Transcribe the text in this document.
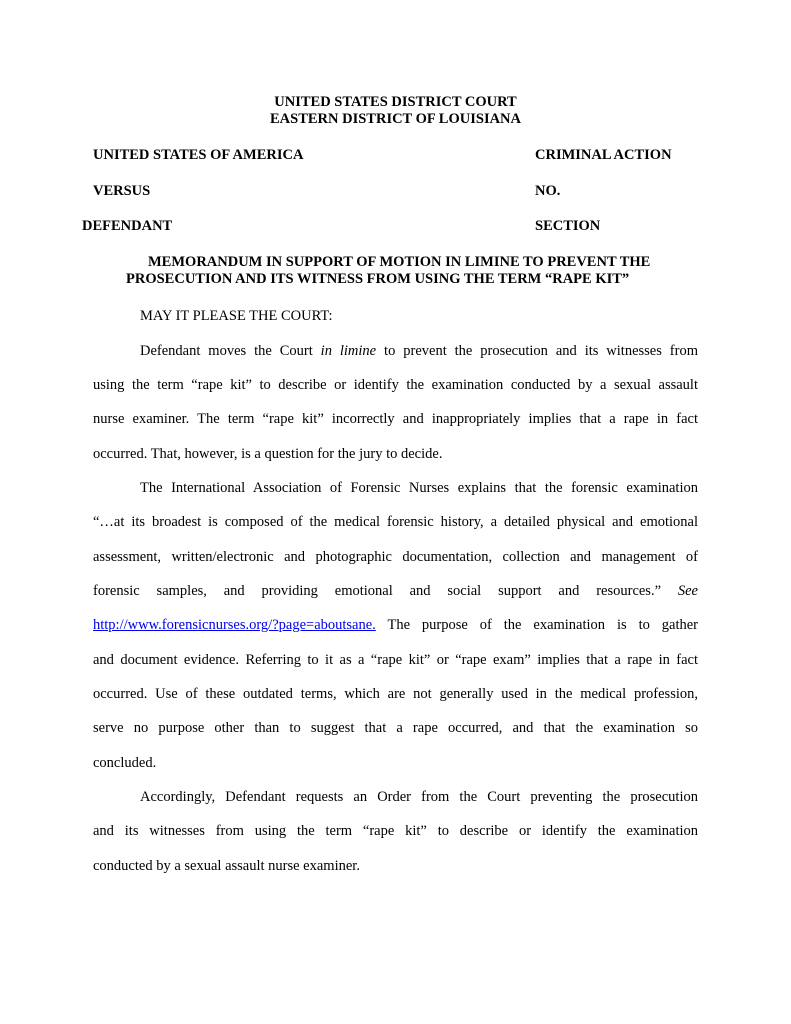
UNITED STATES DISTRICT COURT

EASTERN DISTRICT OF LOUISIANA

UNITED STATES OF AMERICA	CRIMINAL ACTION

VERSUS	NO.

DEFENDANT	SECTION

MEMORANDUM IN SUPPORT OF MOTION IN LIMINE TO PREVENT THE

PROSECUTION AND ITS WITNESS FROM USING THE TERM “RAPE KIT”

MAY IT PLEASE THE COURT:

Defendant moves the Court in limine to prevent the prosecution and its witnesses from

using the term “rape kit” to describe or identify the examination conducted by a sexual assault

nurse examiner. The term “rape kit” incorrectly and inappropriately implies that a rape in fact

occurred. That, however, is a question for the jury to decide.

The International Association of Forensic Nurses explains that the forensic examination

“…at its broadest is composed of the medical forensic history, a detailed physical and emotional

assessment, written/electronic and photographic documentation, collection and management of

forensic samples, and providing emotional and social support and resources.” See

http://www.forensicnurses.org/?page=aboutsane. The purpose of the examination is to gather

and document evidence. Referring to it as a “rape kit” or “rape exam” implies that a rape in fact

occurred. Use of these outdated terms, which are not generally used in the medical profession,

serve no purpose other than to suggest that a rape occurred, and that the examination so

concluded.

Accordingly, Defendant requests an Order from the Court preventing the prosecution

and its witnesses from using the term “rape kit” to describe or identify the examination

conducted by a sexual assault nurse examiner.
